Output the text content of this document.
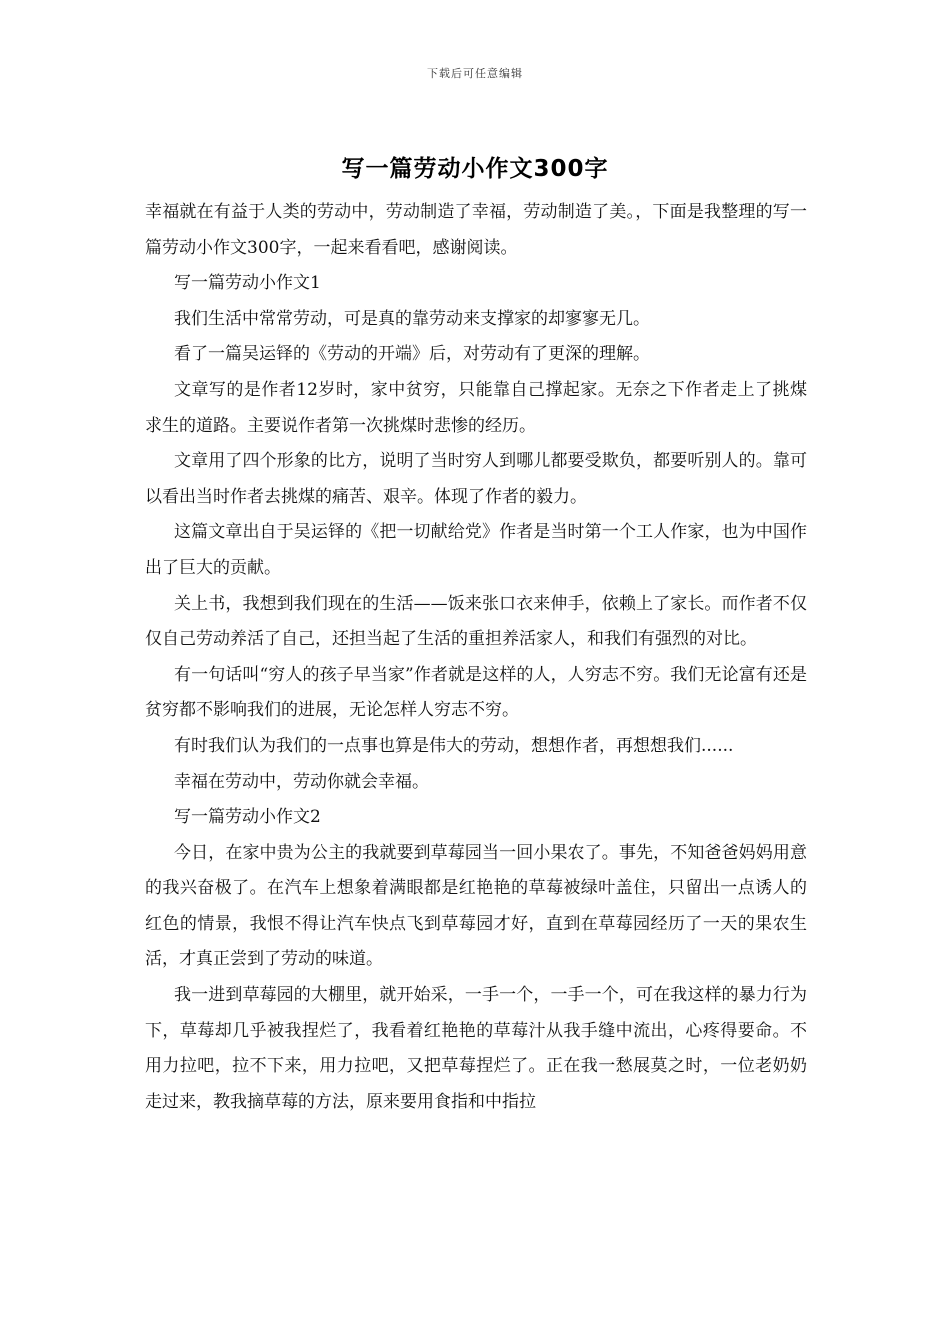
下载后可任意编辑
写一篇劳动小作文300字

幸福就在有益于人类的劳动中，劳动制造了幸福，劳动制造了美。，下面是我整理的写一篇劳动小作文300字，一起来看看吧，感谢阅读。

写一篇劳动小作文1

我们生活中常常劳动，可是真的靠劳动来支撑家的却寥寥无几。

看了一篇吴运铎的《劳动的开端》后，对劳动有了更深的理解。

文章写的是作者12岁时，家中贫穷，只能靠自己撑起家。无奈之下作者走上了挑煤求生的道路。主要说作者第一次挑煤时悲惨的经历。

文章用了四个形象的比方，说明了当时穷人到哪儿都要受欺负，都要听别人的。靠可以看出当时作者去挑煤的痛苦、艰辛。体现了作者的毅力。

这篇文章出自于吴运铎的《把一切献给党》作者是当时第一个工人作家，也为中国作出了巨大的贡献。

关上书，我想到我们现在的生活——饭来张口衣来伸手，依赖上了家长。而作者不仅仅自己劳动养活了自己，还担当起了生活的重担养活家人，和我们有强烈的对比。

有一句话叫“穷人的孩子早当家”作者就是这样的人，人穷志不穷。我们无论富有还是贫穷都不影响我们的进展，无论怎样人穷志不穷。

有时我们认为我们的一点事也算是伟大的劳动，想想作者，再想想我们......

幸福在劳动中，劳动你就会幸福。

写一篇劳动小作文2

今日，在家中贵为公主的我就要到草莓园当一回小果农了。事先，不知爸爸妈妈用意的我兴奋极了。在汽车上想象着满眼都是红艳艳的草莓被绿叶盖住，只留出一点诱人的红色的情景，我恨不得让汽车快点飞到草莓园才好，直到在草莓园经历了一天的果农生活，才真正尝到了劳动的味道。

我一进到草莓园的大棚里，就开始采，一手一个，一手一个，可在我这样的暴力行为下，草莓却几乎被我捏烂了，我看着红艳艳的草莓汁从我手缝中流出，心疼得要命。不用力拉吧，拉不下来，用力拉吧，又把草莓捏烂了。正在我一愁展莫之时，一位老奶奶走过来，教我摘草莓的方法，原来要用食指和中指拉
